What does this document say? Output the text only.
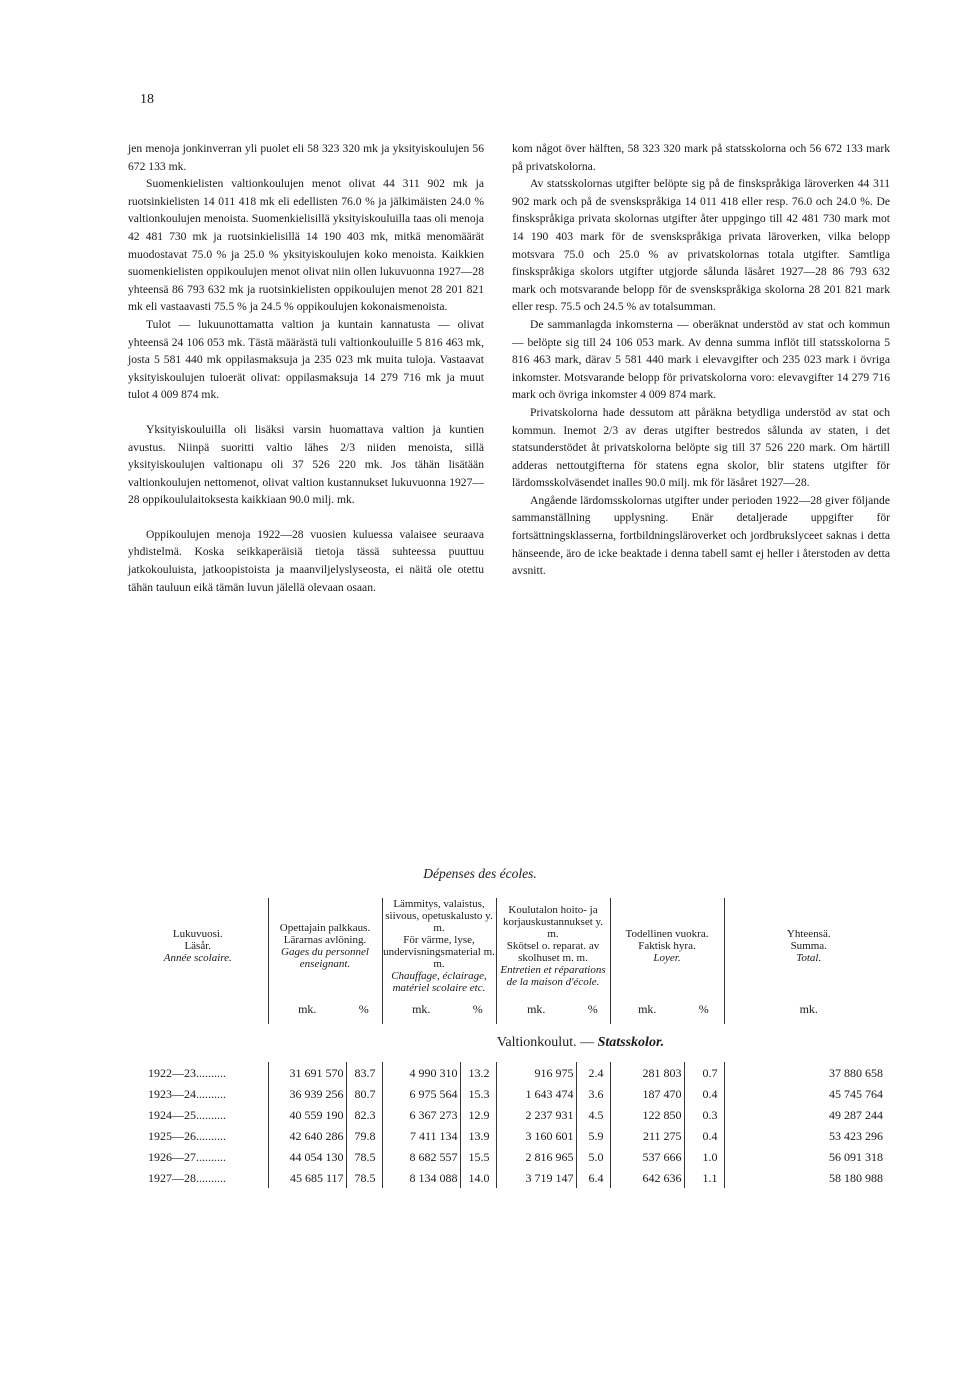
18

jen menoja jonkinverran yli puolet eli 58 323 320 mk ja yksityiskoulujen 56 672 133 mk.

Suomenkielisten valtionkoulujen menot olivat 44 311 902 mk ja ruotsinkielisten 14 011 418 mk eli edellisten 76.0 % ja jälkimäisten 24.0 % valtionkoulujen menoista. Suomenkielisillä yksityiskouluilla taas oli menoja 42 481 730 mk ja ruotsinkielisillä 14 190 403 mk, mitkä menomäärät muodostavat 75.0 % ja 25.0 % yksityiskoulujen koko menoista. Kaikkien suomenkielisten oppikoulujen menot olivat niin ollen lukuvuonna 1927—28 yhteensä 86 793 632 mk ja ruotsinkielisten oppikoulujen menot 28 201 821 mk eli vastaavasti 75.5 % ja 24.5 % oppikoulujen kokonaismenoista.

Tulot — lukuunottamatta valtion ja kuntain kannatusta — olivat yhteensä 24 106 053 mk. Tästä määrästä tuli valtionkouluille 5 816 463 mk, josta 5 581 440 mk oppilasmaksuja ja 235 023 mk muita tuloja. Vastaavat yksityiskoulujen tuloerät olivat: oppilasmaksuja 14 279 716 mk ja muut tulot 4 009 874 mk.

Yksityiskouluilla oli lisäksi varsin huomattava valtion ja kuntien avustus. Niinpä suoritti valtio lähes 2/3 niiden menoista, sillä yksityiskoulujen valtionapu oli 37 526 220 mk. Jos tähän lisätään valtionkoulujen nettomenot, olivat valtion kustannukset lukuvuonna 1927—28 oppikoululaitoksesta kaikkiaan 90.0 milj. mk.

Oppikoulujen menoja 1922—28 vuosien kuluessa valaisee seuraava yhdistelmä. Koska seikkaperäisiä tietoja tässä suhteessa puuttuu jatkokouluista, jatkoopistoista ja maanviljelyslyseosta, ei näitä ole otettu tähän tauluun eikä tämän luvun jälellä olevaan osaan.

kom något över hälften, 58 323 320 mark på statsskolorna och 56 672 133 mark på privatskolorna.

Av statsskolornas utgifter belöpte sig på de finskspråkiga läroverken 44 311 902 mark och på de svenskspråkiga 14 011 418 eller resp. 76.0 och 24.0 %. De finskspråkiga privata skolornas utgifter åter uppgingo till 42 481 730 mark mot 14 190 403 mark för de svenskspråkiga privata läroverken, vilka belopp motsvara 75.0 och 25.0 % av privatskolornas totala utgifter. Samtliga finskspråkiga skolors utgifter utgjorde sålunda läsåret 1927—28 86 793 632 mark och motsvarande belopp för de svenskspråkiga skolorna 28 201 821 mark eller resp. 75.5 och 24.5 % av totalsumman.

De sammanlagda inkomsterna — oberäknat understöd av stat och kommun — belöpte sig till 24 106 053 mark. Av denna summa inflöt till statsskolorna 5 816 463 mark, därav 5 581 440 mark i elevavgifter och 235 023 mark i övriga inkomster. Motsvarande belopp för privatskolorna voro: elevavgifter 14 279 716 mark och övriga inkomster 4 009 874 mark.

Privatskolorna hade dessutom att påräkna betydliga understöd av stat och kommun. Inemot 2/3 av deras utgifter bestredos sålunda av staten, i det statsunderstödet åt privatskolorna belöpte sig till 37 526 220 mark. Om härtill adderas nettoutgifterna för statens egna skolor, blir statens utgifter för lärdomsskolväsendet inalles 90.0 milj. mk för läsåret 1927—28.

Angående lärdomsskolornas utgifter under perioden 1922—28 giver följande sammanställning upplysning. Enär detaljerade uppgifter för fortsättningsklasserna, fortbildningsläroverket och jordbrukslyceet saknas i detta hänseende, äro de icke beaktade i denna tabell samt ej heller i återstoden av detta avsnitt.

Dépenses des écoles.
Lukuvuosi.
Läsår.
Année scolaire.	Opettajain palkkaus.
Lärarnas avlöning.
Gages du personnel enseignant.		Lämmitys, valaistus, siivous, opetuskalusto y. m.
För värme, lyse, undervisningsmaterial m. m.
Chauffage, éclairage, matériel scolaire etc.		Koulutalon hoito- ja korjauskustannukset y. m.
Skötsel o. reparat. av skolhuset m. m.
Entretien et réparations de la maison d'école.		Todellinen vuokra.
Faktisk hyra.
Loyer.		Yhteensä.
Summa.
Total.

	mk.	%	mk.	%	mk.	%	mk.	%	mk.
	Valtionkoulut. — Statsskolor.								
1922—23..........	31 691 570	83.7	4 990 310	13.2	916 975	2.4	281 803	0.7	37 880 658
1923—24..........	36 939 256	80.7	6 975 564	15.3	1 643 474	3.6	187 470	0.4	45 745 764
1924—25..........	40 559 190	82.3	6 367 273	12.9	2 237 931	4.5	122 850	0.3	49 287 244
1925—26..........	42 640 286	79.8	7 411 134	13.9	3 160 601	5.9	211 275	0.4	53 423 296
1926—27..........	44 054 130	78.5	8 682 557	15.5	2 816 965	5.0	537 666	1.0	56 091 318
1927—28..........	45 685 117	78.5	8 134 088	14.0	3 719 147	6.4	642 636	1.1	58 180 988
